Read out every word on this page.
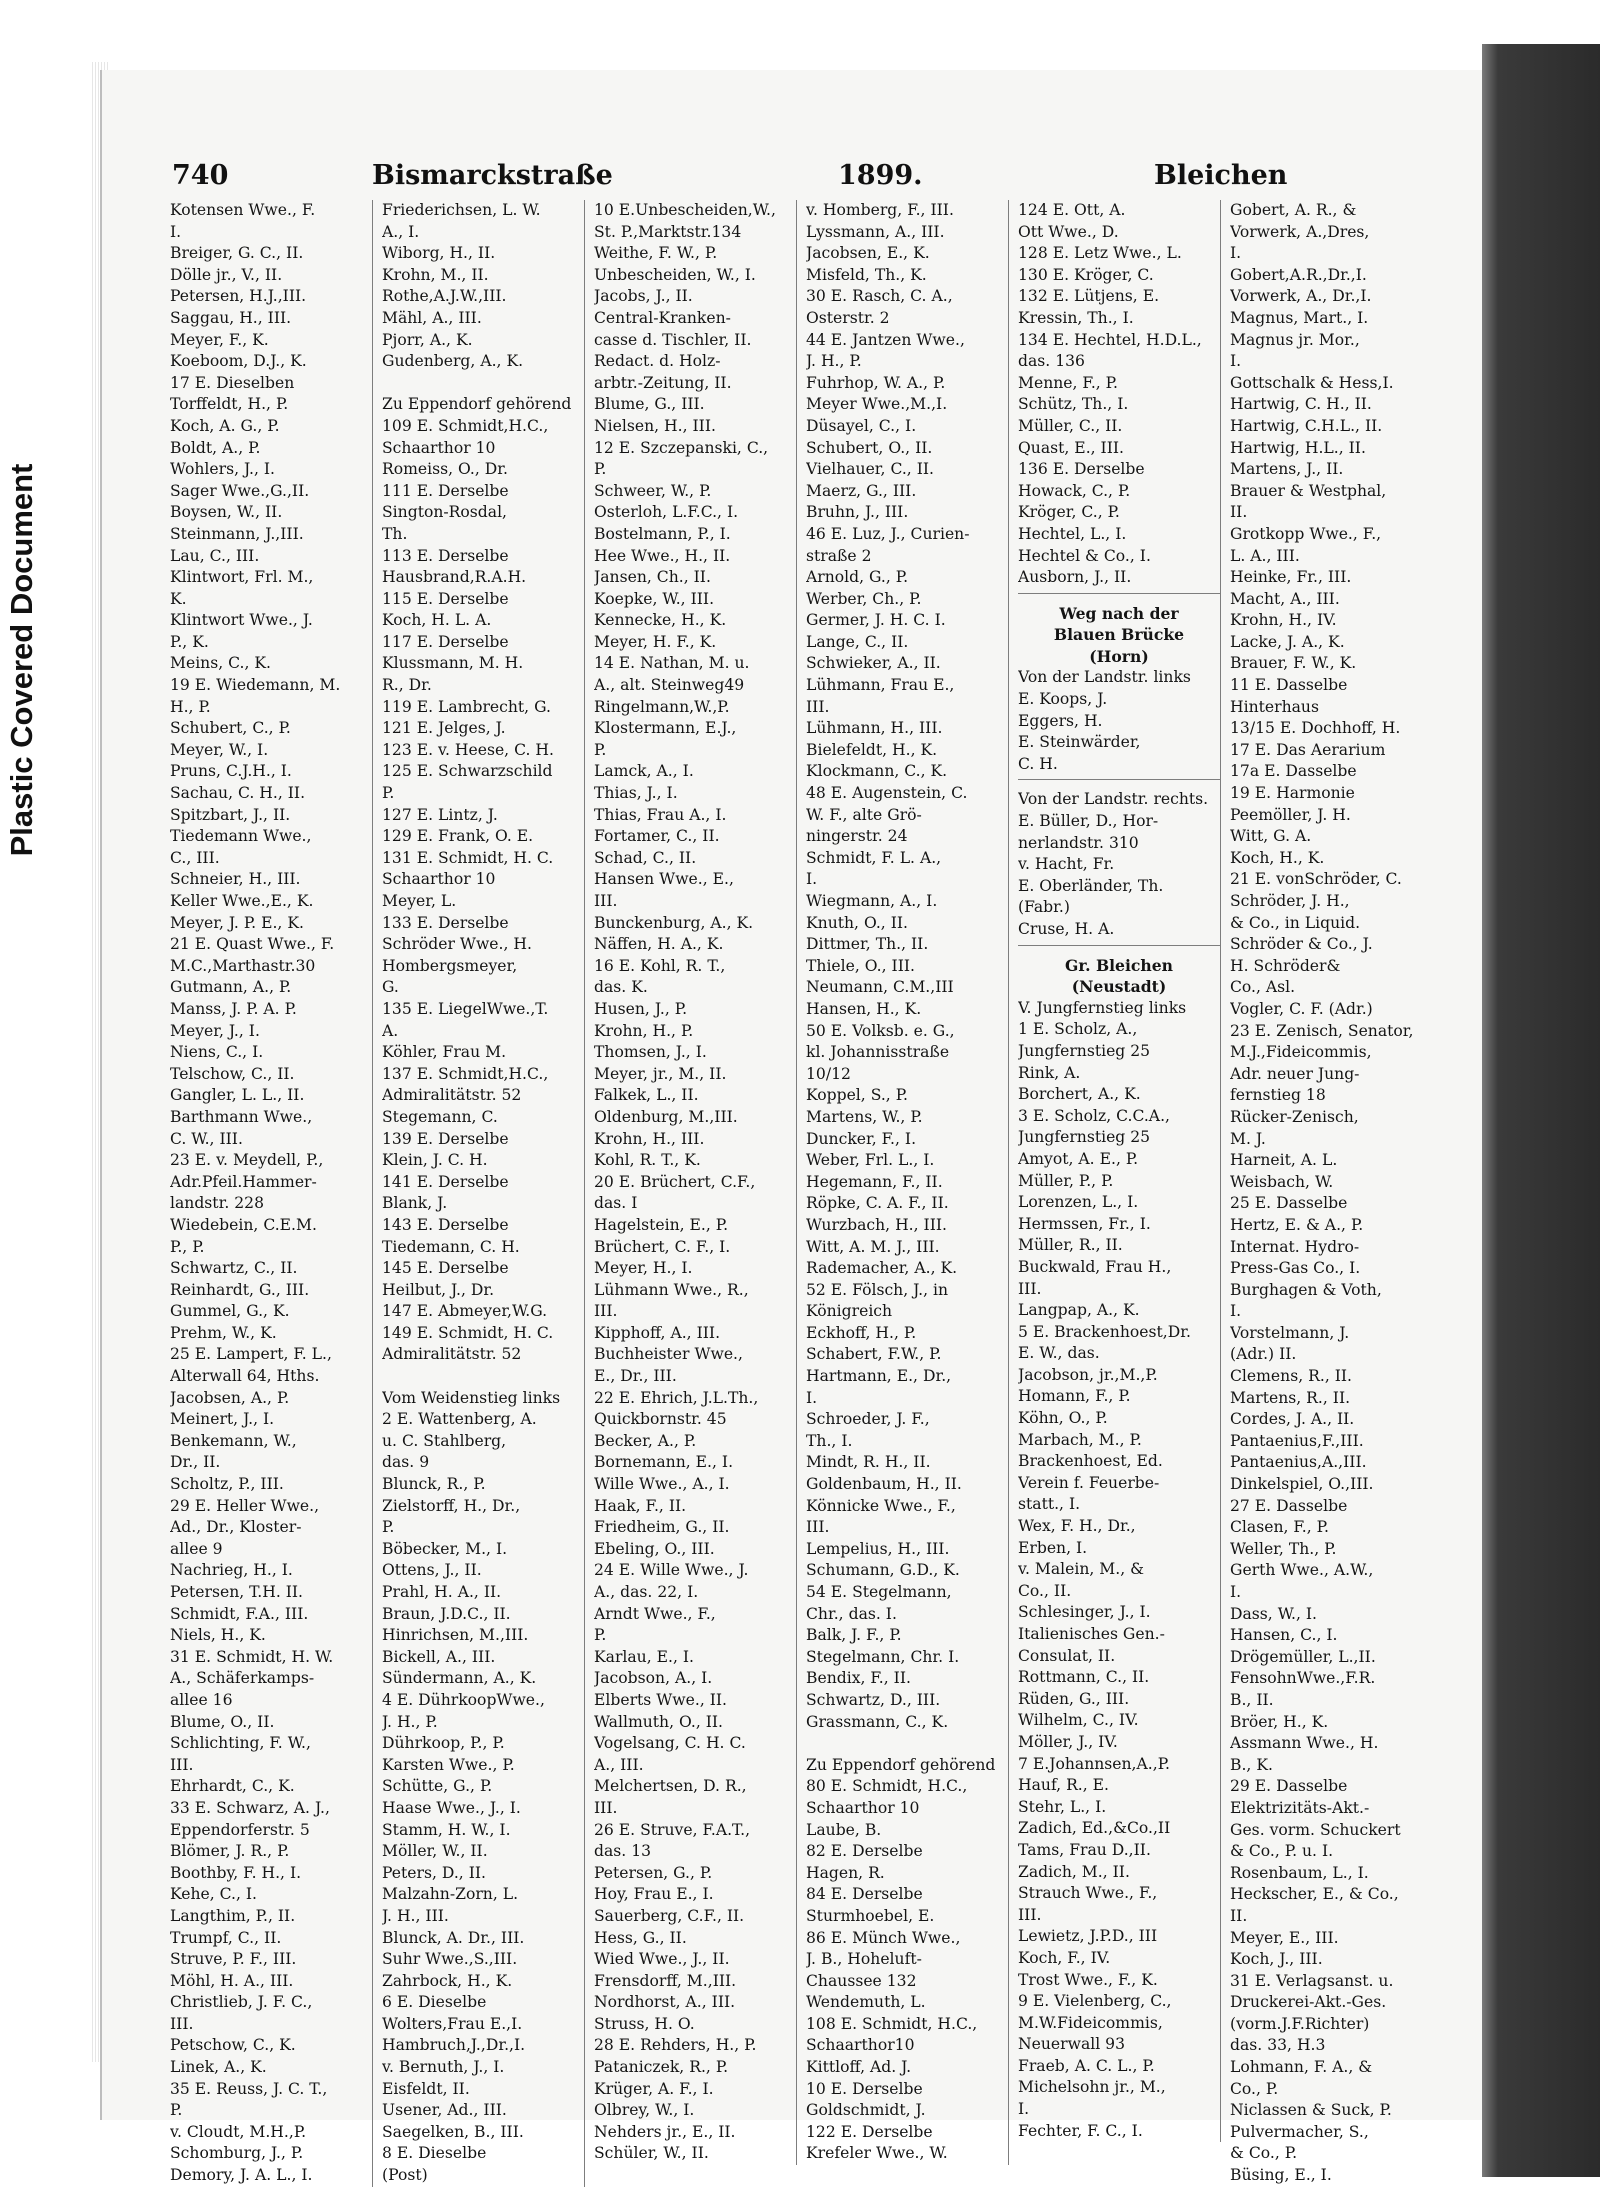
Plastic Covered Document
740	Bismarckstraße	1899.	Bleichen
Kotensen Wwe., F.
I.
Breiger, G. C., II.
Dölle jr., V., II.
Petersen, H.J.,III.
Saggau, H., III.
Meyer, F., K.
Koeboom, D.J., K.
17 E. Dieselben
Torffeldt, H., P.
Koch, A. G., P.
Boldt, A., P.
Wohlers, J., I.
Sager Wwe.,G.,II.
Boysen, W., II.
Steinmann, J.,III.
Lau, C., III.
Klintwort, Frl. M.,
K.
Klintwort Wwe., J.
P., K.
Meins, C., K.
19 E. Wiedemann, M.
H., P.
Schubert, C., P.
Meyer, W., I.
Pruns, C.J.H., I.
Sachau, C. H., II.
Spitzbart, J., II.
Tiedemann Wwe.,
C., III.
Schneier, H., III.
Keller Wwe.,E., K.
Meyer, J. P. E., K.
21 E. Quast Wwe., F.
M.C.,Marthastr.30
Gutmann, A., P.
Manss, J. P. A. P.
Meyer, J., I.
Niens, C., I.
Telschow, C., II.
Gangler, L. L., II.
Barthmann Wwe.,
C. W., III.
23 E. v. Meydell, P.,
Adr.Pfeil.Hammer-
landstr. 228
Wiedebein, C.E.M.
P., P.
Schwartz, C., II.
Reinhardt, G., III.
Gummel, G., K.
Prehm, W., K.
25 E. Lampert, F. L.,
Alterwall 64, Hths.
Jacobsen, A., P.
Meinert, J., I.
Benkemann, W.,
Dr., II.
Scholtz, P., III.
29 E. Heller Wwe.,
Ad., Dr., Kloster-
allee 9
Nachrieg, H., I.
Petersen, T.H. II.
Schmidt, F.A., III.
Niels, H., K.
31 E. Schmidt, H. W.
A., Schäferkamps-
allee 16
Blume, O., II.
Schlichting, F. W.,
III.
Ehrhardt, C., K.
33 E. Schwarz, A. J.,
Eppendorferstr. 5
Blömer, J. R., P.
Boothby, F. H., I.
Kehe, C., I.
Langthim, P., II.
Trumpf, C., II.
Struve, P. F., III.
Möhl, H. A., III.
Christlieb, J. F. C.,
III.
Petschow, C., K.
Linek, A., K.
35 E. Reuss, J. C. T.,
P.
v. Cloudt, M.H.,P.
Schomburg, J., P.
Demory, J. A. L., I.
Friederichsen, L. W.
A., I.
Wiborg, H., II.
Krohn, M., II.
Rothe,A.J.W.,III.
Mähl, A., III.
Pjorr, A., K.
Gudenberg, A., K.
Zu Eppendorf gehörend
109 E. Schmidt,H.C.,
Schaarthor 10
Romeiss, O., Dr.
111 E. Derselbe
Sington-Rosdal,
Th.
113 E. Derselbe
Hausbrand,R.A.H.
115 E. Derselbe
Koch, H. L. A.
117 E. Derselbe
Klussmann, M. H.
R., Dr.
119 E. Lambrecht, G.
121 E. Jelges, J.
123 E. v. Heese, C. H.
125 E. Schwarzschild
P.
127 E. Lintz, J.
129 E. Frank, O. E.
131 E. Schmidt, H. C.
Schaarthor 10
Meyer, L.
133 E. Derselbe
Schröder Wwe., H.
Hombergsmeyer,
G.
135 E. LiegelWwe.,T.
A.
Köhler, Frau M.
137 E. Schmidt,H.C.,
Admiralitätstr. 52
Stegemann, C.
139 E. Derselbe
Klein, J. C. H.
141 E. Derselbe
Blank, J.
143 E. Derselbe
Tiedemann, C. H.
145 E. Derselbe
Heilbut, J., Dr.
147 E. Abmeyer,W.G.
149 E. Schmidt, H. C.
Admiralitätstr. 52
Vom Weidenstieg links
2 E. Wattenberg, A.
u. C. Stahlberg,
das. 9
Blunck, R., P.
Zielstorff, H., Dr.,
P.
Böbecker, M., I.
Ottens, J., II.
Prahl, H. A., II.
Braun, J.D.C., II.
Hinrichsen, M.,III.
Bickell, A., III.
Sündermann, A., K.
4 E. DührkoopWwe.,
J. H., P.
Dührkoop, P., P.
Karsten Wwe., P.
Schütte, G., P.
Haase Wwe., J., I.
Stamm, H. W., I.
Möller, W., II.
Peters, D., II.
Malzahn-Zorn, L.
J. H., III.
Blunck, A. Dr., III.
Suhr Wwe.,S.,III.
Zahrbock, H., K.
6 E. Dieselbe
Wolters,Frau E.,I.
Hambruch,J.,Dr.,I.
v. Bernuth, J., I.
Eisfeldt, II.
Usener, Ad., III.
Saegelken, B., III.
8 E. Dieselbe
(Post)
10 E.Unbescheiden,W.,
St. P.,Marktstr.134
Weithe, F. W., P.
Unbescheiden, W., I.
Jacobs, J., II.
Central-Kranken-
casse d. Tischler, II.
Redact. d. Holz-
arbtr.-Zeitung, II.
Blume, G., III.
Nielsen, H., III.
12 E. Szczepanski, C.,
P.
Schweer, W., P.
Osterloh, L.F.C., I.
Bostelmann, P., I.
Hee Wwe., H., II.
Jansen, Ch., II.
Koepke, W., III.
Kennecke, H., K.
Meyer, H. F., K.
14 E. Nathan, M. u.
A., alt. Steinweg49
Ringelmann,W.,P.
Klostermann, E.J.,
P.
Lamck, A., I.
Thias, J., I.
Thias, Frau A., I.
Fortamer, C., II.
Schad, C., II.
Hansen Wwe., E.,
III.
Bunckenburg, A., K.
Näffen, H. A., K.
16 E. Kohl, R. T.,
das. K.
Husen, J., P.
Krohn, H., P.
Thomsen, J., I.
Meyer, jr., M., II.
Falkek, L., II.
Oldenburg, M.,III.
Krohn, H., III.
Kohl, R. T., K.
20 E. Brüchert, C.F.,
das. I
Hagelstein, E., P.
Brüchert, C. F., I.
Meyer, H., I.
Lühmann Wwe., R.,
III.
Kipphoff, A., III.
Buchheister Wwe.,
E., Dr., III.
22 E. Ehrich, J.L.Th.,
Quickbornstr. 45
Becker, A., P.
Bornemann, E., I.
Wille Wwe., A., I.
Haak, F., II.
Friedheim, G., II.
Ebeling, O., III.
24 E. Wille Wwe., J.
A., das. 22, I.
Arndt Wwe., F.,
P.
Karlau, E., I.
Jacobson, A., I.
Elberts Wwe., II.
Wallmuth, O., II.
Vogelsang, C. H. C.
A., III.
Melchertsen, D. R.,
III.
26 E. Struve, F.A.T.,
das. 13
Petersen, G., P.
Hoy, Frau E., I.
Sauerberg, C.F., II.
Hess, G., II.
Wied Wwe., J., II.
Frensdorff, M.,III.
Nordhorst, A., III.
Struss, H. O.
28 E. Rehders, H., P.
Pataniczek, R., P.
Krüger, A. F., I.
Olbrey, W., I.
Nehders jr., E., II.
Schüler, W., II.
v. Homberg, F., III.
Lyssmann, A., III.
Jacobsen, E., K.
Misfeld, Th., K.
30 E. Rasch, C. A.,
Osterstr. 2
44 E. Jantzen Wwe.,
J. H., P.
Fuhrhop, W. A., P.
Meyer Wwe.,M.,I.
Düsayel, C., I.
Schubert, O., II.
Vielhauer, C., II.
Maerz, G., III.
Bruhn, J., III.
46 E. Luz, J., Curien-
straße 2
Arnold, G., P.
Werber, Ch., P.
Germer, J. H. C. I.
Lange, C., II.
Schwieker, A., II.
Lühmann, Frau E.,
III.
Lühmann, H., III.
Bielefeldt, H., K.
Klockmann, C., K.
48 E. Augenstein, C.
W. F., alte Grö-
ningerstr. 24
Schmidt, F. L. A.,
I.
Wiegmann, A., I.
Knuth, O., II.
Dittmer, Th., II.
Thiele, O., III.
Neumann, C.M.,III
Hansen, H., K.
50 E. Volksb. e. G.,
kl. Johannisstraße
10/12
Koppel, S., P.
Martens, W., P.
Duncker, F., I.
Weber, Frl. L., I.
Hegemann, F., II.
Röpke, C. A. F., II.
Wurzbach, H., III.
Witt, A. M. J., III.
Rademacher, A., K.
52 E. Fölsch, J., in
Königreich
Eckhoff, H., P.
Schabert, F.W., P.
Hartmann, E., Dr.,
I.
Schroeder, J. F.,
Th., I.
Mindt, R. H., II.
Goldenbaum, H., II.
Könnicke Wwe., F.,
III.
Lempelius, H., III.
Schumann, G.D., K.
54 E. Stegelmann,
Chr., das. I.
Balk, J. F., P.
Stegelmann, Chr. I.
Bendix, F., II.
Schwartz, D., III.
Grassmann, C., K.
Zu Eppendorf gehörend
80 E. Schmidt, H.C.,
Schaarthor 10
Laube, B.
82 E. Derselbe
Hagen, R.
84 E. Derselbe
Sturmhoebel, E.
86 E. Münch Wwe.,
J. B., Hoheluft-
Chaussee 132
Wendemuth, L.
108 E. Schmidt, H.C.,
Schaarthor10
Kittloff, Ad. J.
10 E. Derselbe
Goldschmidt, J.
122 E. Derselbe
Krefeler Wwe., W.
124 E. Ott, A.
Ott Wwe., D.
128 E. Letz Wwe., L.
130 E. Kröger, C.
132 E. Lütjens, E.
Kressin, Th., I.
134 E. Hechtel, H.D.L.,
das. 136
Menne, F., P.
Schütz, Th., I.
Müller, C., II.
Quast, E., III.
136 E. Derselbe
Howack, C., P.
Kröger, C., P.
Hechtel, L., I.
Hechtel & Co., I.
Ausborn, J., II.
Weg nach der
Blauen Brücke
(Horn)
Von der Landstr. links
E. Koops, J.
Eggers, H.
E. Steinwärder,
C. H.
Von der Landstr. rechts.
E. Büller, D., Hor-
nerlandstr. 310
v. Hacht, Fr.
E. Oberländer, Th.
(Fabr.)
Cruse, H. A.
Gr. Bleichen
(Neustadt)
V. Jungfernstieg links
1 E. Scholz, A.,
Jungfernstieg 25
Rink, A.
Borchert, A., K.
3 E. Scholz, C.C.A.,
Jungfernstieg 25
Amyot, A. E., P.
Müller, P., P.
Lorenzen, L., I.
Hermssen, Fr., I.
Müller, R., II.
Buckwald, Frau H.,
III.
Langpap, A., K.
5 E. Brackenhoest,Dr.
E. W., das.
Jacobson, jr.,M.,P.
Homann, F., P.
Köhn, O., P.
Marbach, M., P.
Brackenhoest, Ed.
Verein f. Feuerbe-
statt., I.
Wex, F. H., Dr.,
Erben, I.
v. Malein, M., &
Co., II.
Schlesinger, J., I.
Italienisches Gen.-
Consulat, II.
Rottmann, C., II.
Rüden, G., III.
Wilhelm, C., IV.
Möller, J., IV.
7 E.Johannsen,A.,P.
Hauf, R., E.
Stehr, L., I.
Zadich, Ed.,&Co.,II
Tams, Frau D.,II.
Zadich, M., II.
Strauch Wwe., F.,
III.
Lewietz, J.P.D., III
Koch, F., IV.
Trost Wwe., F., K.
9 E. Vielenberg, C.,
M.W.Fideicommis,
Neuerwall 93
Fraeb, A. C. L., P.
Michelsohn jr., M.,
I.
Fechter, F. C., I.
Gobert, A. R., &
Vorwerk, A.,Dres,
I.
Gobert,A.R.,Dr.,I.
Vorwerk, A., Dr.,I.
Magnus, Mart., I.
Magnus jr. Mor.,
I.
Gottschalk & Hess,I.
Hartwig, C. H., II.
Hartwig, C.H.L., II.
Hartwig, H.L., II.
Martens, J., II.
Brauer & Westphal,
II.
Grotkopp Wwe., F.,
L. A., III.
Heinke, Fr., III.
Macht, A., III.
Krohn, H., IV.
Lacke, J. A., K.
Brauer, F. W., K.
11 E. Dasselbe
Hinterhaus
13/15 E. Dochhoff, H.
17 E. Das Aerarium
17a E. Dasselbe
19 E. Harmonie
Peemöller, J. H.
Witt, G. A.
Koch, H., K.
21 E. vonSchröder, C.
Schröder, J. H.,
& Co., in Liquid.
Schröder & Co., J.
H. Schröder&
Co., Asl.
Vogler, C. F. (Adr.)
23 E. Zenisch, Senator,
M.J.,Fideicommis,
Adr. neuer Jung-
fernstieg 18
Rücker-Zenisch,
M. J.
Harneit, A. L.
Weisbach, W.
25 E. Dasselbe
Hertz, E. & A., P.
Internat. Hydro-
Press-Gas Co., I.
Burghagen & Voth,
I.
Vorstelmann, J.
(Adr.) II.
Clemens, R., II.
Martens, R., II.
Cordes, J. A., II.
Pantaenius,F.,III.
Pantaenius,A.,III.
Dinkelspiel, O.,III.
27 E. Dasselbe
Clasen, F., P.
Weller, Th., P.
Gerth Wwe., A.W.,
I.
Dass, W., I.
Hansen, C., I.
Drögemüller, L.,II.
FensohnWwe.,F.R.
B., II.
Bröer, H., K.
Assmann Wwe., H.
B., K.
29 E. Dasselbe
Elektrizitäts-Akt.-
Ges. vorm. Schuckert
& Co., P. u. I.
Rosenbaum, L., I.
Heckscher, E., & Co.,
II.
Meyer, E., III.
Koch, J., III.
31 E. Verlagsanst. u.
Druckerei-Akt.-Ges.
(vorm.J.F.Richter)
das. 33, H.3
Lohmann, F. A., &
Co., P.
Niclassen & Suck, P.
Pulvermacher, S.,
& Co., P.
Büsing, E., I.
